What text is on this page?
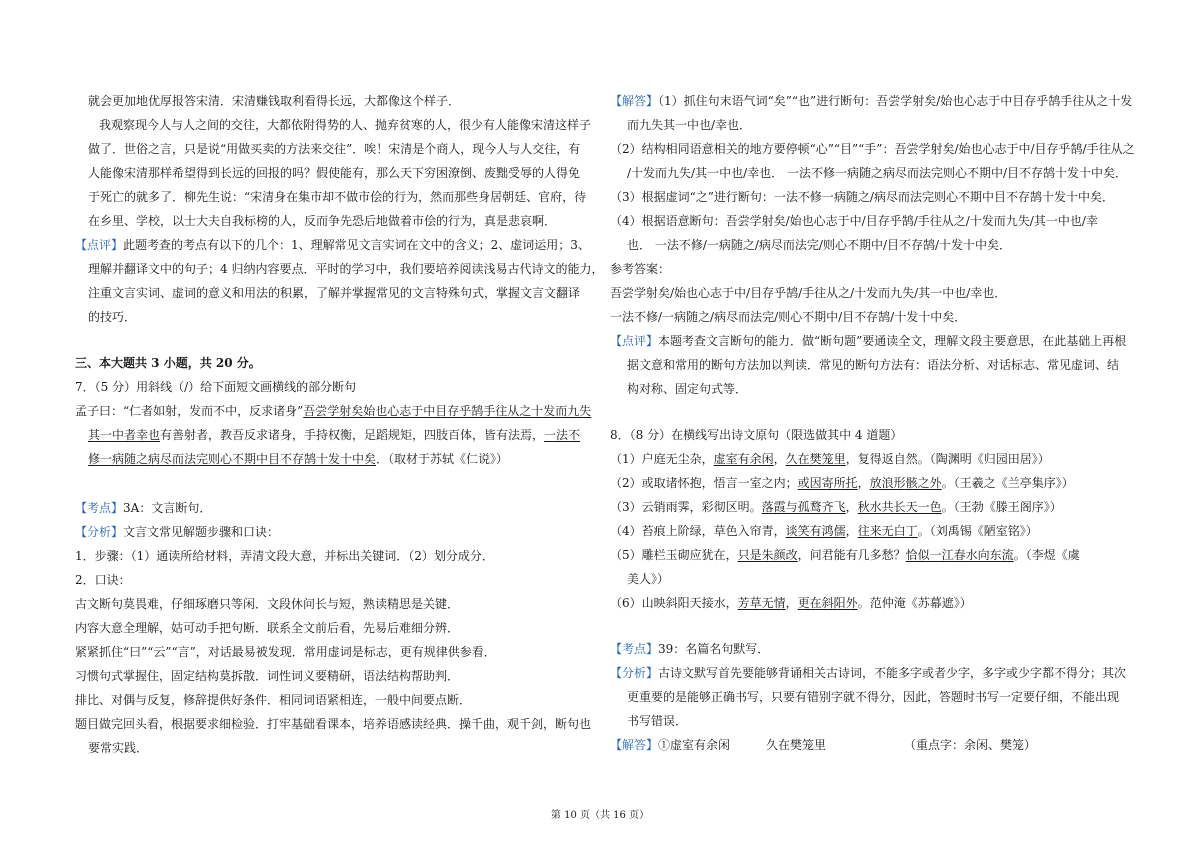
就会更加地优厚报答宋清．宋清赚钱取利看得长远，大都像这个样子．
我观察现今人与人之间的交往，大都依附得势的人、抛弃贫寒的人，很少有人能像宋清这样子
做了．世俗之言，只是说“用做买卖的方法来交往”．唉！宋清是个商人，现今人与人交往，有
人能像宋清那样希望得到长远的回报的吗？假使能有，那么天下穷困潦倒、废黜受辱的人得免
于死亡的就多了．柳先生说：“宋清身在集市却不做市侩的行为，然而那些身居朝廷、官府，待
在乡里、学校，以士大夫自我标榜的人，反而争先恐后地做着市侩的行为，真是悲哀啊．
【点评】此题考查的考点有以下的几个：1、理解常见文言实词在文中的含义；2、虚词运用；3、
理解并翻译文中的句子；4 归纳内容要点．平时的学习中，我们要培养阅读浅易古代诗文的能力，
注重文言实词、虚词的意义和用法的积累，了解并掌握常见的文言特殊句式，掌握文言文翻译
的技巧．
三、本大题共 3 小题，共 20 分。
7．（5 分）用斜线（/）给下面短文画横线的部分断句
孟子曰：“仁者如射，发而不中，反求诸身”吾尝学射矣始也心志于中目存乎鹄手往从之十发而九失
其一中者幸也有善射者，教吾反求诸身，手持权衡，足蹈规矩，四肢百体，皆有法焉，一法不
修一病随之病尽而法完则心不期中目不存鹄十发十中矣．（取材于苏轼《仁说》）
【考点】3A：文言断句．
【分析】文言文常见解题步骤和口诀：
1．步骤：（1）通读所给材料，弄清文段大意，并标出关键词．（2）划分成分．
2．口诀：
古文断句莫畏难，仔细琢磨只等闲．文段休问长与短，熟读精思是关键．
内容大意全理解，姑可动手把句断．联系全文前后看，先易后难细分辨．
紧紧抓住“曰”“云”“言”，对话最易被发现．常用虚词是标志，更有规律供参看．
习惯句式掌握住，固定结构莫拆散．词性词义要精研，语法结构帮助判．
排比、对偶与反复，修辞提供好条件．相同词语紧相连，一般中间要点断．
题目做完回头看，根据要求细检验．打牢基础看课本，培养语感读经典．操千曲，观千剑，断句也
要常实践．
【解答】（1）抓住句末语气词“矣”“也”进行断句：吾尝学射矣/始也心志于中目存乎鹄手往从之十发
而九失其一中也/幸也．
（2）结构相同语意相关的地方要停顿“心”“目”“手”：吾尝学射矣/始也心志于中/目存乎鹄/手往从之
/十发而九失/其一中也/幸也． 一法不修一病随之病尽而法完则心不期中/目不存鹄十发十中矣．
（3）根据虚词“之”进行断句：一法不修一病随之/病尽而法完则心不期中目不存鹄十发十中矣．
（4）根据语意断句：吾尝学射矣/始也心志于中/目存乎鹄/手往从之/十发而九失/其一中也/幸
也． 一法不修/一病随之/病尽而法完/则心不期中/目不存鹄/十发十中矣．
参考答案：
吾尝学射矣/始也心志于中/目存乎鹄/手往从之/十发而九失/其一中也/幸也．
一法不修/一病随之/病尽而法完/则心不期中/目不存鹄/十发十中矣．
【点评】本题考查文言断句的能力．做“断句题”要通读全文，理解文段主要意思，在此基础上再根
据文意和常用的断句方法加以判读．常见的断句方法有：语法分析、对话标志、常见虚词、结
构对称、固定句式等．
8．（8 分）在横线写出诗文原句（限选做其中 4 道题）
（1）户庭无尘杂，虚室有余闲，久在樊笼里，复得返自然。（陶渊明《归园田居》）
（2）或取诸怀抱，悟言一室之内；或因寄所托，放浪形骸之外。（王羲之《兰亭集序》）
（3）云销雨霁，彩彻区明。落霞与孤鹜齐飞，秋水共长天一色。（王勃《滕王阁序》）
（4）苔痕上阶绿，草色入帘青，谈笑有鸿儒，往来无白丁。（刘禹锡《陋室铭》）
（5）雕栏玉砌应犹在，只是朱颜改，问君能有几多愁？恰似一江春水向东流。（李煜《虞
美人》）
（6）山映斜阳天接水，芳草无情，更在斜阳外。范仲淹《苏幕遮》）
【考点】39：名篇名句默写．
【分析】古诗文默写首先要能够背诵相关古诗词，不能多字或者少字，多字或少字都不得分；其次
更重要的是能够正确书写，只要有错别字就不得分，因此，答题时书写一定要仔细，不能出现
书写错误．
【解答】①虚室有余闲	久在樊笼里	（重点字：余闲、樊笼）
第 10 页（共 16 页）
